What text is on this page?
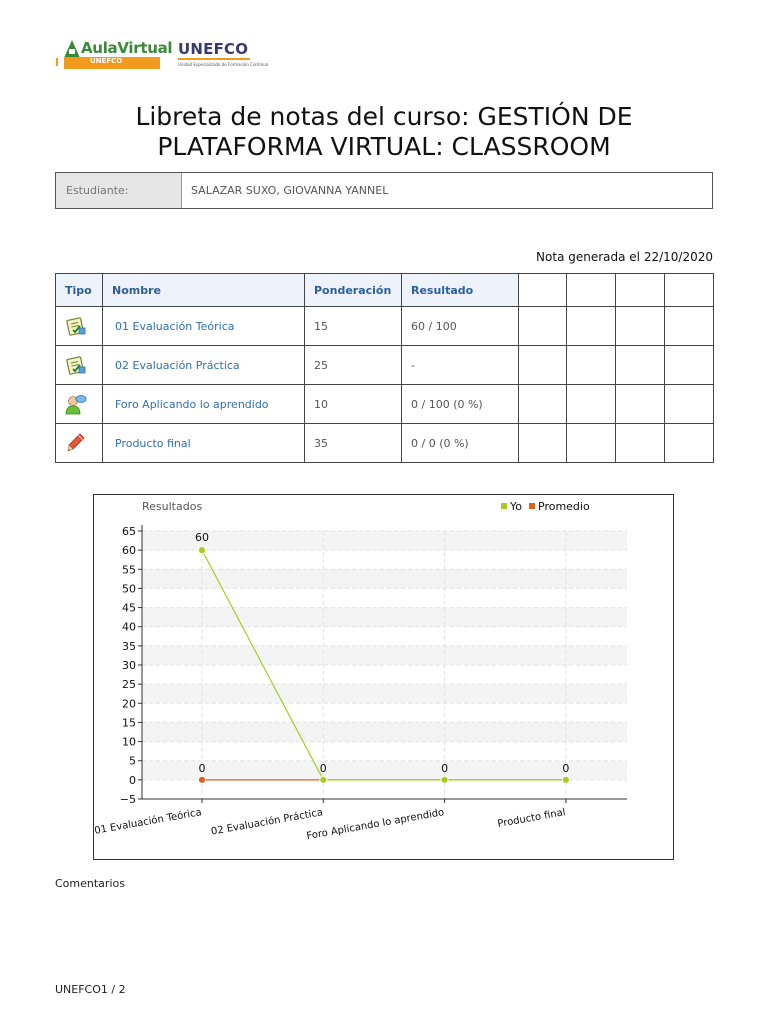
AulaVirtual
UNEFCO
UNEFCO
Unidad Especializada de Formación Continua
Libreta de notas del curso: GESTIÓN DE
PLATAFORMA VIRTUAL: CLASSROOM
Estudiante:	SALAZAR SUXO, GIOVANNA YANNEL
Nota generada el 22/10/2020
Tipo	Nombre	Ponderación	Resultado				

	01 Evaluación Teórica	15	60 / 100				

	02 Evaluación Práctica	25	-				

	Foro Aplicando lo aprendido	10	0 / 100 (0 %)				

	Producto final	35	0 / 0 (0 %)				
65
60
55
50
45
40
35
30
25
20
15
10
5
0
−5
01 Evaluación Teórica 02 Evaluación Práctica
Foro Aplicando lo aprendido	Producto final
Resultados	Yo Promedio
60
0	0	0	0
Comentarios
UNEFCO1 / 2
